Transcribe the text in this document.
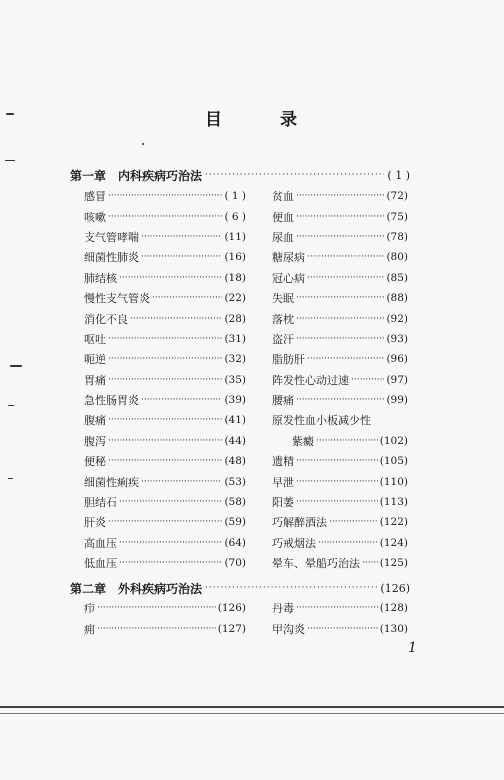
目	录
第一章　内科疾病巧治法 ·····	( 1 )
感冒 ·····	( 1 )
咳嗽 ·····	( 6 )
支气管哮喘 ·····	(11)
细菌性肺炎 ·····	(16)
肺结核 ·····	(18)
慢性支气管炎 ·····	(22)
消化不良 ·····	(28)
呕吐 ·····	(31)
呃逆 ·····	(32)
胃痛 ·····	(35)
急性肠胃炎 ·····	(39)
腹痛 ·····	(41)
腹泻 ·····	(44)
便秘 ·····	(48)
细菌性痢疾 ·····	(53)
胆结石 ·····	(58)
肝炎 ·····	(59)
高血压 ·····	(64)
低血压 ·····	(70)
贫血 ·····	(72)
便血 ·····	(75)
尿血 ·····	(78)
糖尿病 ·····	(80)
冠心病 ·····	(85)
失眠 ·····	(88)
落枕 ·····	(92)
盗汗 ·····	(93)
脂肪肝 ·····	(96)
阵发性心动过速 ·····	(97)
腰痛 ·····	(99)
原发性血小板减少性
紫癜 ·····	(102)
遗精 ·····	(105)
早泄 ·····	(110)
阳萎 ·····	(113)
巧解醉酒法 ·····	(122)
巧戒烟法 ·····	(124)
晕车、晕船巧治法 ····· (125)
第二章　外科疾病巧治法 ·····	(126)
疖 ·····	(126)
痈 ·····	(127)
丹毒 ·····	(128)
甲沟炎 ·····	(130)
1
